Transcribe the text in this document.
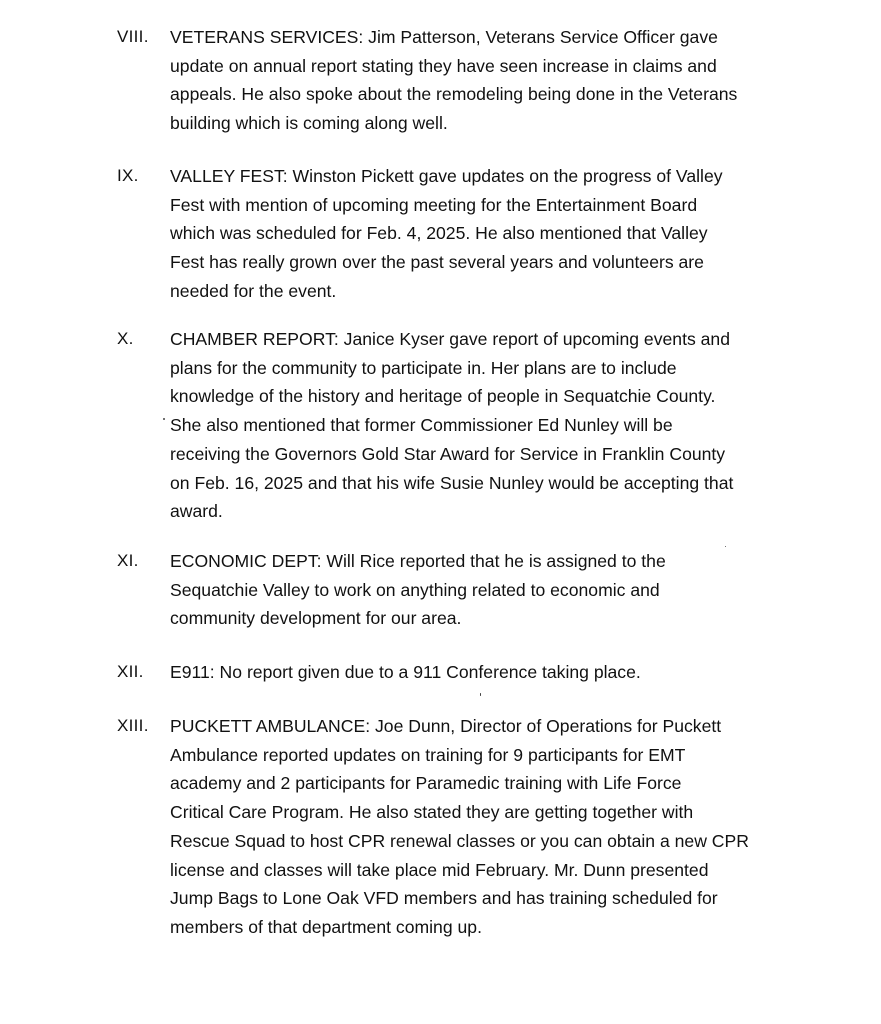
VIII. VETERANS SERVICES: Jim Patterson, Veterans Service Officer gave
update on annual report stating they have seen increase in claims and
appeals. He also spoke about the remodeling being done in the Veterans
building which is coming along well.
IX. VALLEY FEST: Winston Pickett gave updates on the progress of Valley
Fest with mention of upcoming meeting for the Entertainment Board
which was scheduled for Feb. 4, 2025. He also mentioned that Valley
Fest has really grown over the past several years and volunteers are
needed for the event.
X. CHAMBER REPORT: Janice Kyser gave report of upcoming events and
plans for the community to participate in. Her plans are to include
knowledge of the history and heritage of people in Sequatchie County.
She also mentioned that former Commissioner Ed Nunley will be
receiving the Governors Gold Star Award for Service in Franklin County
on Feb. 16, 2025 and that his wife Susie Nunley would be accepting that
award.
XI. ECONOMIC DEPT: Will Rice reported that he is assigned to the
Sequatchie Valley to work on anything related to economic and
community development for our area.
XII. E911: No report given due to a 911 Conference taking place.
XIII. PUCKETT AMBULANCE: Joe Dunn, Director of Operations for Puckett
Ambulance reported updates on training for 9 participants for EMT
academy and 2 participants for Paramedic training with Life Force
Critical Care Program. He also stated they are getting together with
Rescue Squad to host CPR renewal classes or you can obtain a new CPR
license and classes will take place mid February. Mr. Dunn presented
Jump Bags to Lone Oak VFD members and has training scheduled for
members of that department coming up.
